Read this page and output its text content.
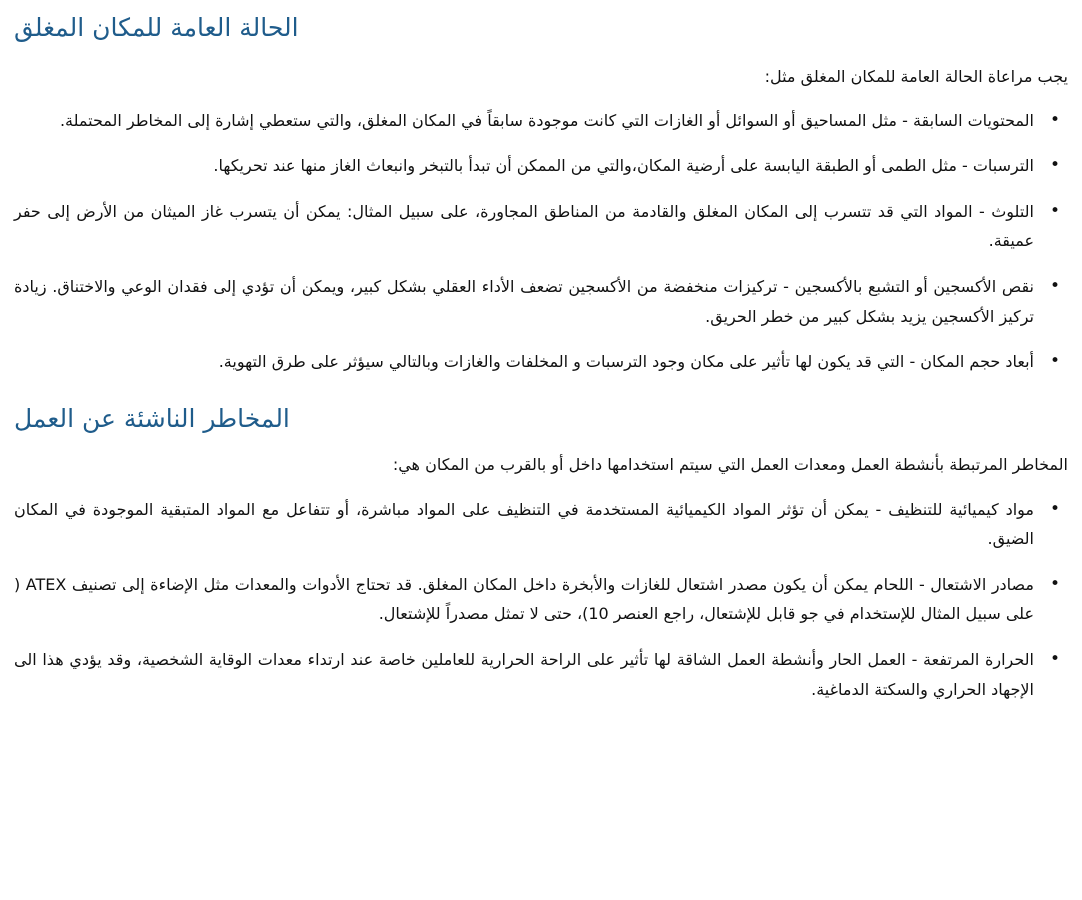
الحالة العامة للمكان المغلق

يجب مراعاة الحالة العامة للمكان المغلق مثل:

• المحتويات السابقة - مثل المساحيق أو السوائل أو الغازات التي كانت موجودة سابقاً في المكان المغلق، والتي ستعطي إشارة إلى المخاطر المحتملة.
• الترسبات - مثل الطمى أو الطبقة اليابسة على أرضية المكان،والتي من الممكن أن تبدأ بالتبخر وانبعاث الغاز منها عند تحريكها.
• التلوث - المواد التي قد تتسرب إلى المكان المغلق والقادمة من المناطق المجاورة، على سبيل المثال: يمكن أن يتسرب غاز الميثان من الأرض إلى حفر عميقة.
• نقص الأكسجين أو التشبع بالأكسجين - تركيزات منخفضة من الأكسجين تضعف الأداء العقلي بشكل كبير، ويمكن أن تؤدي إلى فقدان الوعي والاختناق. زيادة تركيز الأكسجين يزيد بشكل كبير من خطر الحريق.
• أبعاد حجم المكان - التي قد يكون لها تأثير على مكان وجود الترسبات و المخلفات والغازات وبالتالي سيؤثر على طرق التهوية.
المخاطر الناشئة عن العمل

المخاطر المرتبطة بأنشطة العمل ومعدات العمل التي سيتم استخدامها داخل أو بالقرب من المكان هي:

• مواد كيميائية للتنظيف - يمكن أن تؤثر المواد الكيميائية المستخدمة في التنظيف على المواد مباشرة، أو تتفاعل مع المواد المتبقية الموجودة في المكان الضيق.
• مصادر الاشتعال - اللحام يمكن أن يكون مصدر اشتعال للغازات والأبخرة داخل المكان المغلق. قد تحتاج الأدوات والمعدات مثل الإضاءة إلى تصنيف ATEX ( على سبيل المثال للإستخدام في جو قابل للإشتعال، راجع العنصر 10)، حتى لا تمثل مصدراً للإشتعال.
• الحرارة المرتفعة - العمل الحار وأنشطة العمل الشاقة لها تأثير على الراحة الحرارية للعاملين خاصة عند ارتداء معدات الوقاية الشخصية، وقد يؤدي هذا الى الإجهاد الحراري والسكتة الدماغية.
